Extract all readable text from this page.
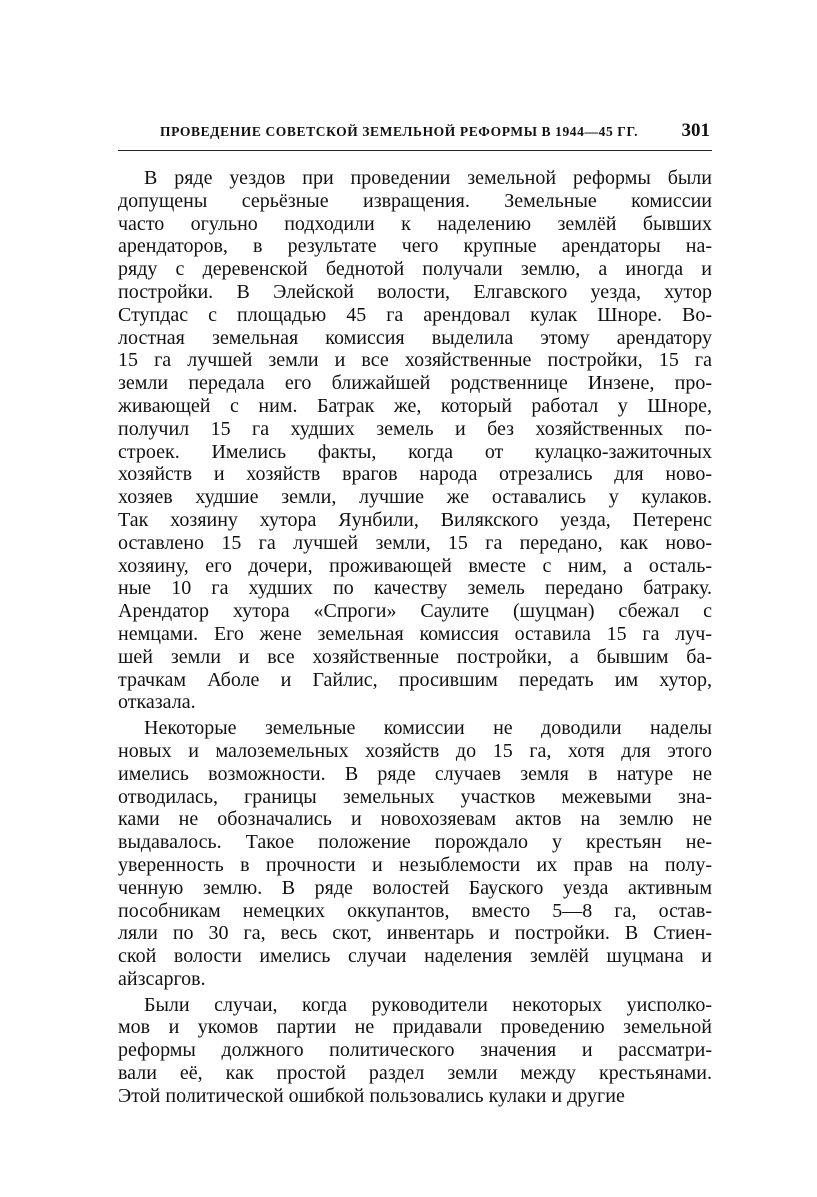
ПРОВЕДЕНИЕ СОВЕТСКОЙ ЗЕМЕЛЬНОЙ РЕФОРМЫ В 1944—45 ГГ. 301
В ряде уездов при проведении земельной реформы были
допущены серьёзные извращения. Земельные комиссии
часто огульно подходили к наделению землёй бывших
арендаторов, в результате чего крупные арендаторы на-
ряду с деревенской беднотой получали землю, а иногда и
постройки. В Элейской волости, Елгавского уезда, хутор
Ступдас с площадью 45 га арендовал кулак Шноре. Во-
лостная земельная комиссия выделила этому арендатору
15 га лучшей земли и все хозяйственные постройки, 15 га
земли передала его ближайшей родственнице Инзене, про-
живающей с ним. Батрак же, который работал у Шноре,
получил 15 га худших земель и без хозяйственных по-
строек. Имелись факты, когда от кулацко-зажиточных
хозяйств и хозяйств врагов народа отрезались для ново-
хозяев худшие земли, лучшие же оставались у кулаков.
Так хозяину хутора Яунбили, Вилякского уезда, Петеренс
оставлено 15 га лучшей земли, 15 га передано, как ново-
хозяину, его дочери, проживающей вместе с ним, а осталь-
ные 10 га худших по качеству земель передано батраку.
Арендатор хутора «Спроги» Саулите (шуцман) сбежал с
немцами. Его жене земельная комиссия оставила 15 га луч-
шей земли и все хозяйственные постройки, а бывшим ба-
трачкам Аболе и Гайлис, просившим передать им хутор,
отказала.
Некоторые земельные комиссии не доводили наделы
новых и малоземельных хозяйств до 15 га, хотя для этого
имелись возможности. В ряде случаев земля в натуре не
отводилась, границы земельных участков межевыми зна-
ками не обозначались и новохозяевам актов на землю не
выдавалось. Такое положение порождало у крестьян не-
уверенность в прочности и незыблемости их прав на полу-
ченную землю. В ряде волостей Бауского уезда активным
пособникам немецких оккупантов, вместо 5—8 га, остав-
ляли по 30 га, весь скот, инвентарь и постройки. В Стиен-
ской волости имелись случаи наделения землёй шуцмана и
айзсаргов.
Были случаи, когда руководители некоторых уисполко-
мов и укомов партии не придавали проведению земельной
реформы должного политического значения и рассматри-
вали её, как простой раздел земли между крестьянами.
Этой политической ошибкой пользовались кулаки и другие
